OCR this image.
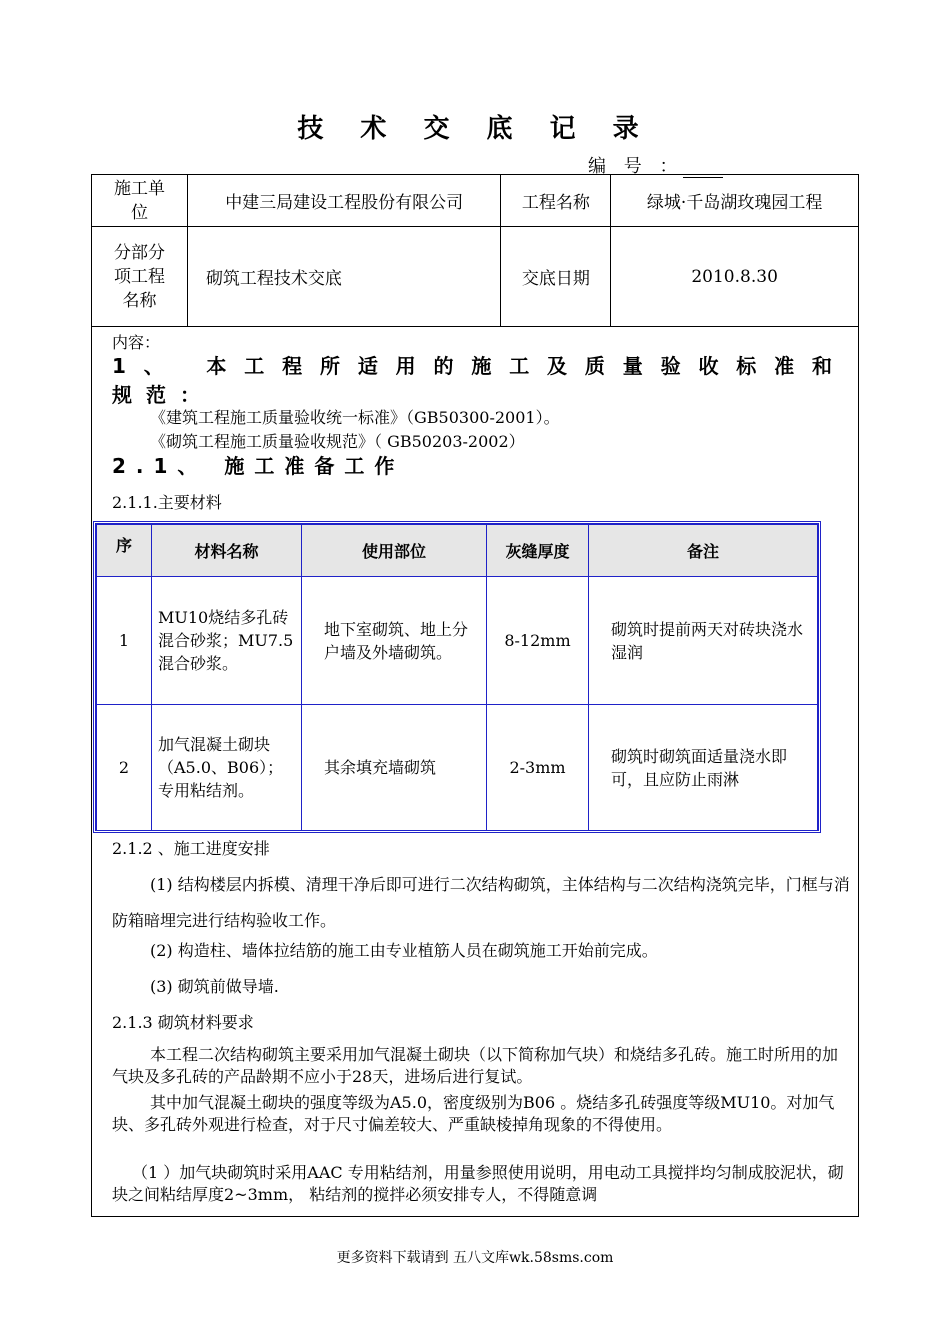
技 术 交 底 记 录
编 号 ：
施工单位	中建三局建设工程股份有限公司	工程名称	绿城·千岛湖玫瑰园工程

分部分项工程名称	砌筑工程技术交底	交底日期	2010.8.30
内容：
1、 本工程所适用的施工及质量验收标准和
规范：
《建筑工程施工质量验收统一标准》（GB50300-2001）。
《砌筑工程施工质量验收规范》（ GB50203-2002）
2.1、 施工准备工作
2.1.1.主要材料
2.1.2 、施工进度安排
(1) 结构楼层内拆模、清理干净后即可进行二次结构砌筑，主体结构与二次结构浇筑完毕，门框与消防箱暗埋完进行结构验收工作。
(2) 构造柱、墙体拉结筋的施工由专业植筋人员在砌筑施工开始前完成。
(3) 砌筑前做导墙.
2.1.3 砌筑材料要求
本工程二次结构砌筑主要采用加气混凝土砌块（以下简称加气块）和烧结多孔砖。施工时所用的加气块及多孔砖的产品龄期不应小于28天，进场后进行复试。
其中加气混凝土砌块的强度等级为A5.0，密度级别为B06 。烧结多孔砖强度等级MU10。对加气块、多孔砖外观进行检查，对于尺寸偏差较大、严重缺棱掉角现象的不得使用。
（1 ）加气块砌筑时采用AAC 专用粘结剂，用量参照使用说明，用电动工具搅拌均匀制成胶泥状，砌块之间粘结厚度2~3mm， 粘结剂的搅拌必须安排专人，不得随意调
序	材料名称	使用部位	灰缝厚度	备注
1	MU10烧结多孔砖 混合砂浆；MU7.5 混合砂浆。	地下室砌筑、地上分户墙及外墙砌筑。	8-12mm	砌筑时提前两天对砖块浇水湿润
2	加气混凝土砌块 （A5.0、B06）；专用粘结剂。	其余填充墙砌筑	2-3mm	砌筑时砌筑面适量浇水即可，且应防止雨淋
更多资料下载请到 五八文库wk.58sms.com
